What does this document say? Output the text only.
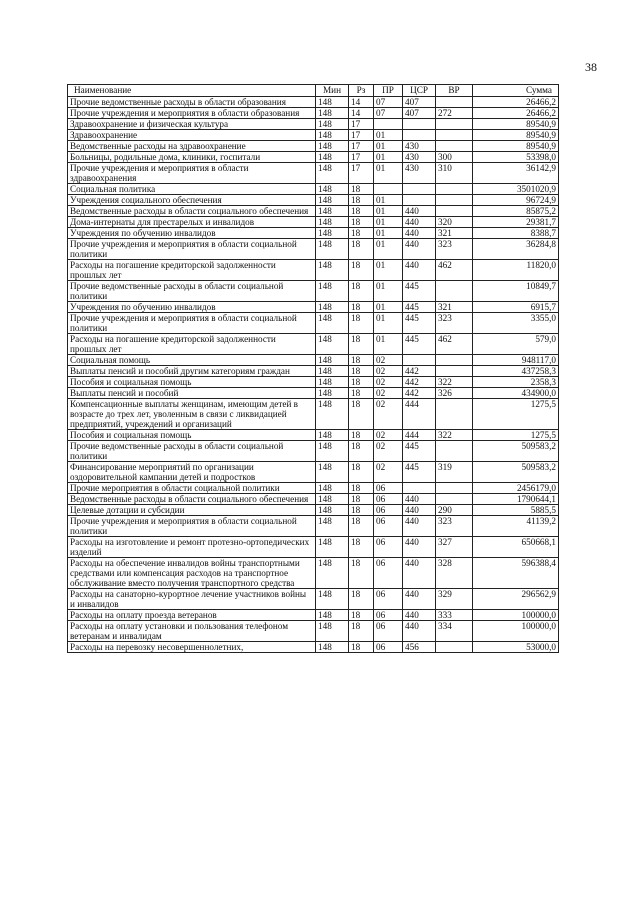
38
Наименование	Мин	Рз	ПР	ЦСР	ВР	Сумма
Прочие ведомственные расходы в области образования	148	14	07	407		26466,2
Прочие учреждения и мероприятия в области образования	148	14	07	407	272	26466,2
Здравоохранение и физическая культура	148	17				89540,9
Здравоохранение	148	17	01			89540,9
Ведомственные расходы на здравоохранение	148	17	01	430		89540,9
Больницы, родильные дома, клиники, госпитали	148	17	01	430	300	53398,0
Прочие учреждения и мероприятия в области здравоохранения	148	17	01	430	310	36142,9
Социальная политика	148	18				3501020,9
Учреждения социального обеспечения	148	18	01			96724,9
Ведомственные расходы в области социального обеспечения	148	18	01	440		85875,2
Дома-интернаты для престарелых и инвалидов	148	18	01	440	320	29381,7
Учреждения по обучению инвалидов	148	18	01	440	321	8388,7
Прочие учреждения и мероприятия в области социальной политики	148	18	01	440	323	36284,8
Расходы на погашение кредиторской задолженности прошлых лет	148	18	01	440	462	11820,0
Прочие ведомственные расходы в области социальной политики	148	18	01	445		10849,7
Учреждения по обучению инвалидов	148	18	01	445	321	6915,7
Прочие учреждения и мероприятия в области социальной политики	148	18	01	445	323	3355,0
Расходы на погашение кредиторской задолженности прошлых лет	148	18	01	445	462	579,0
Социальная помощь	148	18	02			948117,0
Выплаты пенсий и пособий другим категориям граждан	148	18	02	442		437258,3
Пособия и социальная помощь	148	18	02	442	322	2358,3
Выплаты пенсий и пособий	148	18	02	442	326	434900,0
Компенсационные выплаты женщинам, имеющим детей в возрасте до трех лет, уволенным в связи с ликвидацией предприятий, учреждений и организаций	148	18	02	444		1275,5
Пособия и социальная помощь	148	18	02	444	322	1275,5
Прочие ведомственные расходы в области социальной политики	148	18	02	445		509583,2
Финансирование мероприятий по организации оздоровительной кампании детей и подростков	148	18	02	445	319	509583,2
Прочие мероприятия в области социальной политики	148	18	06			2456179,0
Ведомственные расходы в области социального обеспечения	148	18	06	440		1790644,1
Целевые дотации и субсидии	148	18	06	440	290	5885,5
Прочие учреждения и мероприятия в области социальной политики	148	18	06	440	323	41139,2
Расходы на изготовление и ремонт протезно-ортопедических изделий	148	18	06	440	327	650668,1
Расходы на обеспечение инвалидов войны транспортными средствами или компенсация расходов на транспортное обслуживание вместо получения транспортного средства	148	18	06	440	328	596388,4
Расходы на санаторно-курортное лечение участников войны и инвалидов	148	18	06	440	329	296562,9
Расходы на оплату проезда ветеранов	148	18	06	440	333	100000,0
Расходы на оплату установки и пользования телефоном ветеранам и инвалидам	148	18	06	440	334	100000,0
Расходы на перевозку несовершеннолетних,	148	18	06	456		53000,0
